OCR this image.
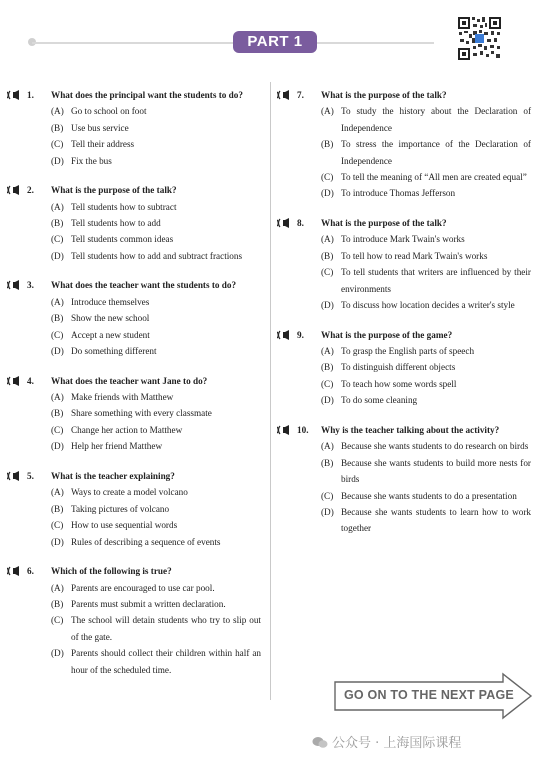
PART 1
1.	What does the principal want the students to do?
(A) Go to school on foot
(B) Use bus service
(C) Tell their address
(D) Fix the bus
2.	What is the purpose of the talk?
(A) Tell students how to subtract
(B) Tell students how to add
(C) Tell students common ideas
(D) Tell students how to add and subtract fractions
3.	What does the teacher want the students to do?
(A) Introduce themselves
(B) Show the new school
(C) Accept a new student
(D) Do something different
4.	What does the teacher want Jane to do?
(A) Make friends with Matthew
(B) Share something with every classmate
(C) Change her action to Matthew
(D) Help her friend Matthew
5.	What is the teacher explaining?
(A) Ways to create a model volcano
(B) Taking pictures of volcano
(C) How to use sequential words
(D) Rules of describing a sequence of events
6.	Which of the following is true?
(A) Parents are encouraged to use car pool.
(B) Parents must submit a written declaration.
(C) The school will detain students who try to slip out of the gate.
(D) Parents should collect their children within half an hour of the scheduled time.
7.	What is the purpose of the talk?
(A) To study the history about the Declaration of Independence
(B) To stress the importance of the Declaration of Independence
(C) To tell the meaning of “All men are created equal”
(D) To introduce Thomas Jefferson
8.	What is the purpose of the talk?
(A) To introduce Mark Twain's works
(B) To tell how to read Mark Twain's works
(C) To tell students that writers are influenced by their environments
(D) To discuss how location decides a writer's style
9.	What is the purpose of the game?
(A) To grasp the English parts of speech
(B) To distinguish different objects
(C) To teach how some words spell
(D) To do some cleaning
10.	Why is the teacher talking about the activity?
(A) Because she wants students to do research on birds
(B) Because she wants students to build more nests for birds
(C) Because she wants students to do a presentation
(D) Because she wants students to learn how to work together
GO ON TO THE NEXT PAGE
公众号 · 上海国际课程
